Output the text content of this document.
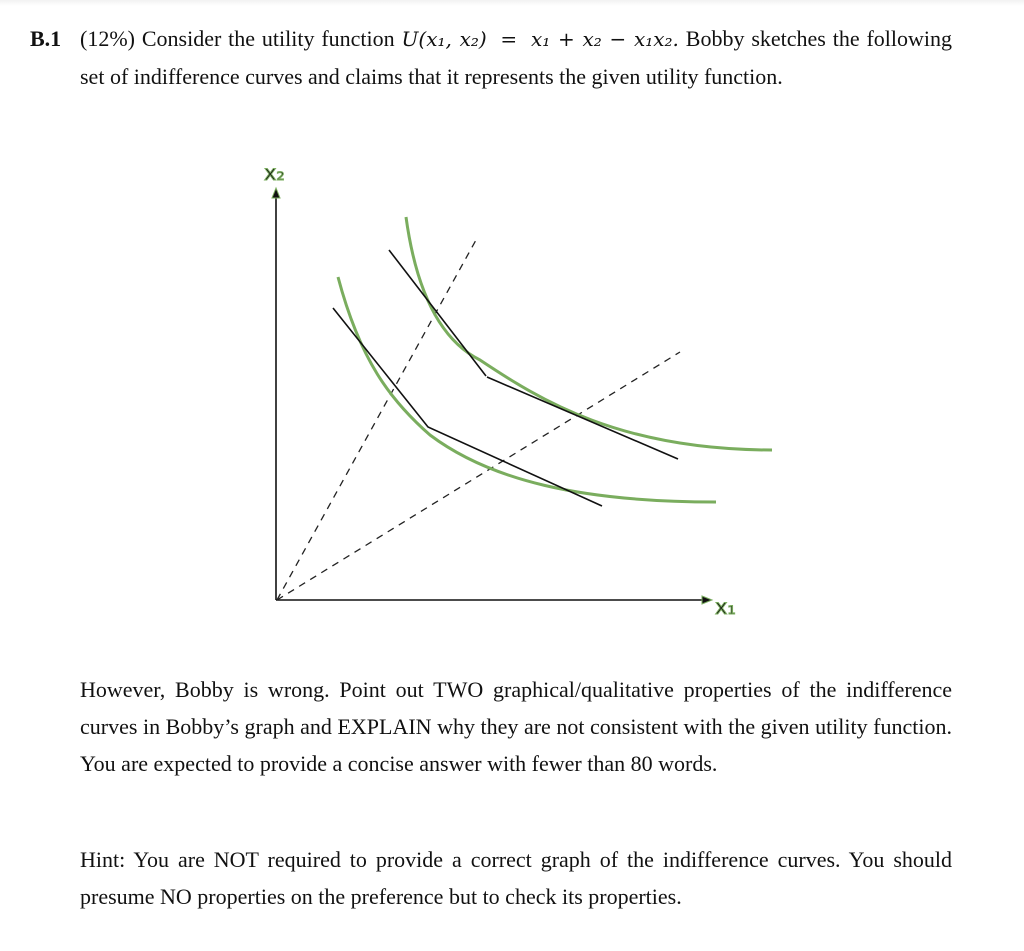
B.1 (12%) Consider the utility function U(x₁, x₂) = x₁ + x₂ − x₁x₂. Bobby sketches the following set of indifference curves and claims that it represents the given utility function.

x₂
x₁

However, Bobby is wrong. Point out TWO graphical/qualitative properties of the indifference curves in Bobby’s graph and EXPLAIN why they are not consistent with the given utility function. You are expected to provide a concise answer with fewer than 80 words.

Hint: You are NOT required to provide a correct graph of the indifference curves. You should presume NO properties on the preference but to check its properties.
